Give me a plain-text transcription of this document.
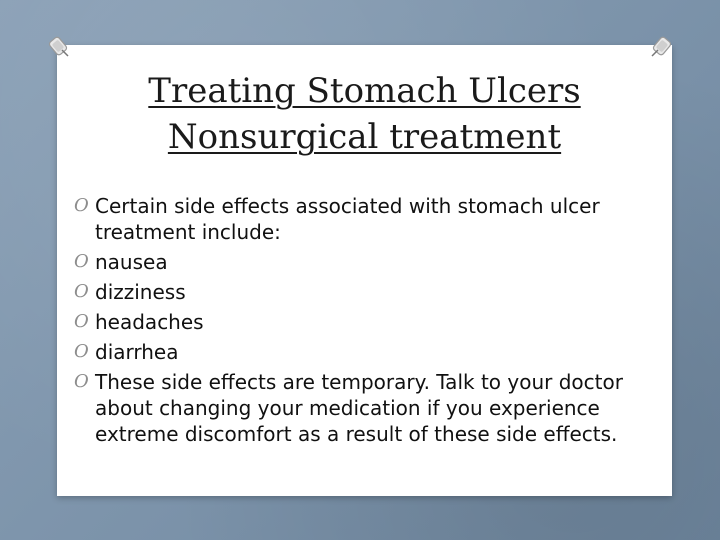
Treating Stomach Ulcers
Nonsurgical treatment
O Certain side effects associated with stomach ulcer treatment include:
O nausea
O dizziness
O headaches
O diarrhea
O These side effects are temporary. Talk to your doctor about changing your medication if you experience extreme discomfort as a result of these side effects.
